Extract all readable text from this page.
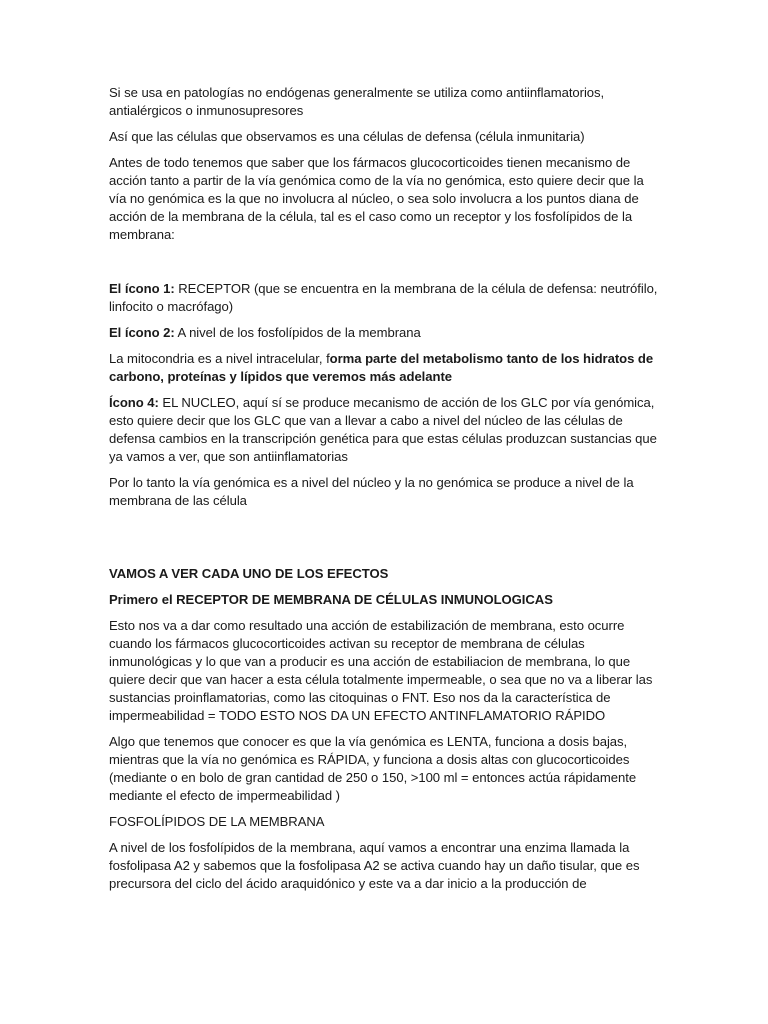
Si se usa en patologías no endógenas generalmente se utiliza como antiinflamatorios, antialérgicos o inmunosupresores

Así que las células que observamos es una células de defensa (célula inmunitaria)

Antes de todo tenemos que saber que los fármacos glucocorticoides tienen mecanismo de acción tanto a partir de la vía genómica como de la vía no genómica, esto quiere decir que la vía no genómica es la que no involucra al núcleo, o sea solo involucra a los puntos diana de acción de la membrana de la célula, tal es el caso como un receptor y los fosfolípidos de la membrana:

El ícono 1: RECEPTOR (que se encuentra en la membrana de la célula de defensa: neutrófilo, linfocito o macrófago)

El ícono 2: A nivel de los fosfolípidos de la membrana

La mitocondria es a nivel intracelular, forma parte del metabolismo tanto de los hidratos de carbono, proteínas y lípidos que veremos más adelante

Ícono 4: EL NUCLEO, aquí sí se produce mecanismo de acción de los GLC por vía genómica, esto quiere decir que los GLC que van a llevar a cabo a nivel del núcleo de las células de defensa cambios en la transcripción genética para que estas células produzcan sustancias que ya vamos a ver, que son antiinflamatorias

Por lo tanto la vía genómica es a nivel del núcleo y la no genómica se produce a nivel de la membrana de las célula

VAMOS A VER CADA UNO DE LOS EFECTOS

Primero el RECEPTOR DE MEMBRANA DE CÉLULAS INMUNOLOGICAS

Esto nos va a dar como resultado una acción de estabilización de membrana, esto ocurre cuando los fármacos glucocorticoides activan su receptor de membrana de células inmunológicas y lo que van a producir es una acción de estabiliacion de membrana, lo que quiere decir que van hacer a esta célula totalmente impermeable, o sea que no va a liberar las sustancias proinflamatorias, como las citoquinas o FNT. Eso nos da la característica de impermeabilidad = TODO ESTO NOS DA UN EFECTO ANTINFLAMATORIO RÁPIDO

Algo que tenemos que conocer es que la vía genómica es LENTA, funciona a dosis bajas, mientras que la vía no genómica es RÁPIDA, y funciona a dosis altas con glucocorticoides (mediante o en bolo de gran cantidad de 250 o 150, >100 ml = entonces actúa rápidamente mediante el efecto de impermeabilidad )

FOSFOLÍPIDOS DE LA MEMBRANA

A nivel de los fosfolípidos de la membrana, aquí vamos a encontrar una enzima llamada la fosfolipasa A2 y sabemos que la fosfolipasa A2 se activa cuando hay un daño tisular, que es precursora del ciclo del ácido araquidónico y este va a dar inicio a la producción de
